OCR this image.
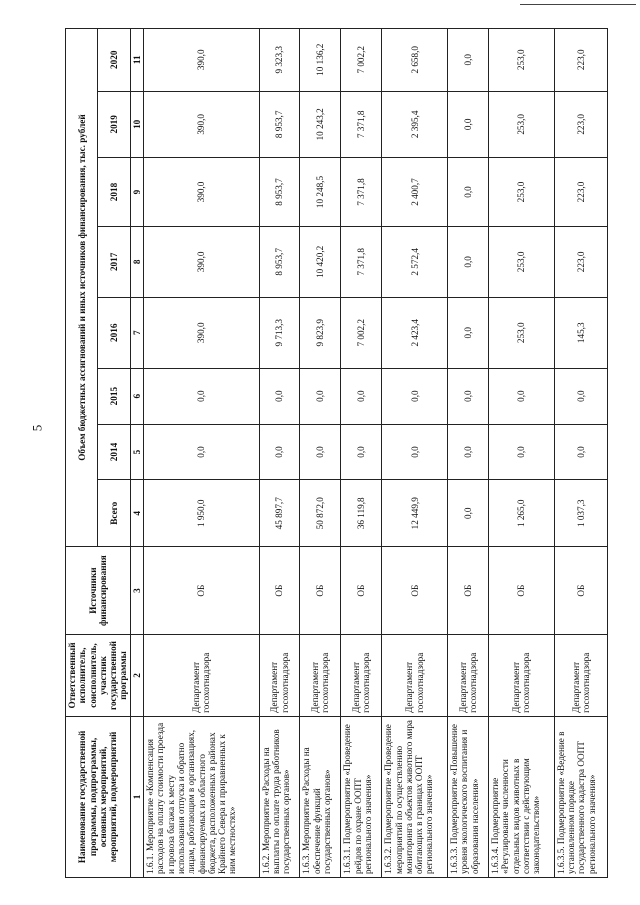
5
Наименование государственной программы, подпрограммы, основных мероприятий, мероприятий, подмероприятий	Ответственный исполнитель, соисполнитель, участник государственной программы	Источники финансирования	Объем бюджетных ассигнований и иных источников финансирования, тыс. рублей							
			Всего	2014	2015	2016	2017	2018	2019	2020
1	2	3	4	5	6	7	8	9	10	11
1.6.1. Мероприятие «Компенсация расходов на оплату стоимости проезда и провоза багажа к месту использования отпуска и обратно лицам, работающим в организациях, финансируемых из областного бюджета, расположенных в районах Крайнего Севера и приравненных к ним местностях»	Департамент госохотнадзора	ОБ	1 950,0	0,0	0,0	390,0	390,0	390,0	390,0	390,0
1.6.2. Мероприятие «Расходы на выплаты по оплате труда работников государственных органов»	Департамент госохотнадзора	ОБ	45 897,7	0,0	0,0	9 713,3	8 953,7	8 953,7	8 953,7	9 323,3
1.6.3. Мероприятие «Расходы на обеспечение функций государственных органов»	Департамент госохотнадзора	ОБ	50 872,0	0,0	0,0	9 823,9	10 420,2	10 248,5	10 243,2	10 136,2
1.6.3.1. Подмероприятие «Проведение рейдов по охране ООПТ регионального значения»	Департамент госохотнадзора	ОБ	36 119,8	0,0	0,0	7 002,2	7 371,8	7 371,8	7 371,8	7 002,2
1.6.3.2. Подмероприятие «Проведение мероприятий по осуществлению мониторинга объектов животного мира обитающих в границах ООПТ регионального значения»	Департамент госохотнадзора	ОБ	12 449,9	0,0	0,0	2 423,4	2 572,4	2 400,7	2 395,4	2 658,0
1.6.3.3. Подмероприятие «Повышение уровня экологического воспитания и образования населения»	Департамент госохотнадзора	ОБ	0,0	0,0	0,0	0,0	0,0	0,0	0,0	0,0
1.6.3.4. Подмероприятие «Регулирование численности отдельных видов животных в соответствии с действующим законодательством»	Департамент госохотнадзора	ОБ	1 265,0	0,0	0,0	253,0	253,0	253,0	253,0	253,0
1.6.3.5. Подмероприятие «Ведение в установленном порядке государственного кадастра ООПТ регионального значения»	Департамент госохотнадзора	ОБ	1 037,3	0,0	0,0	145,3	223,0	223,0	223,0	223,0
